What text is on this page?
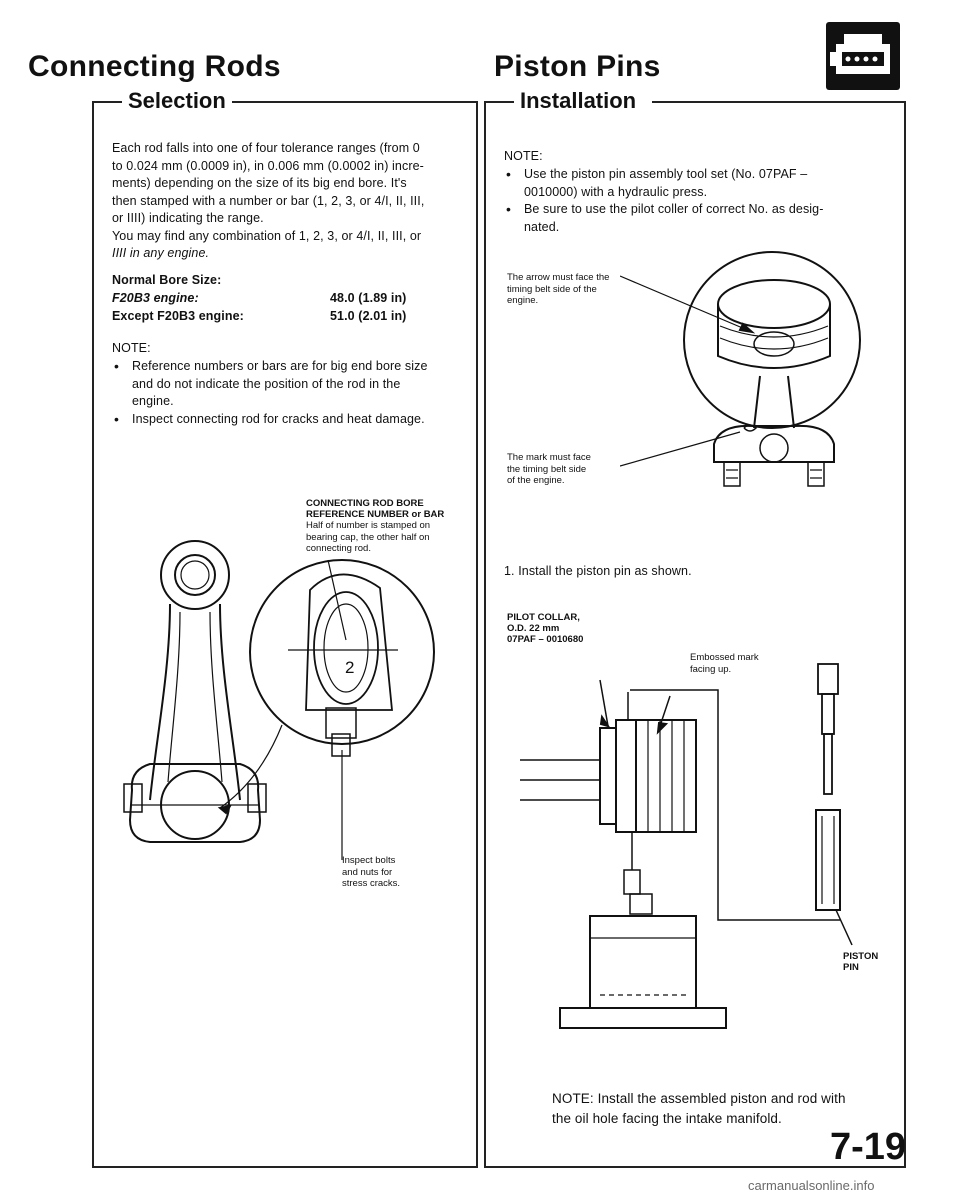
Connecting Rods
Selection

Each rod falls into one of four tolerance ranges (from 0

to 0.024 mm (0.0009 in), in 0.006 mm (0.0002 in) incre-

ments) depending on the size of its big end bore. It's

then stamped with a number or bar (1, 2, 3, or 4/I, II, III,

or IIII) indicating the range.

You may find any combination of 1, 2, 3, or 4/I, II, III, or

IIII in any engine.

Normal Bore Size:
F20B3 engine:	48.0 (1.89 in)
Except F20B3 engine:	51.0 (2.01 in)
NOTE:

• Reference numbers or bars are for big end bore size

and do not indicate the position of the rod in the

engine.

• Inspect connecting rod for cracks and heat damage.

CONNECTING ROD BORE
REFERENCE NUMBER or BAR
Half of number is stamped on
bearing cap, the other half on
connecting rod.
2
Inspect bolts
and nuts for
stress cracks.
Piston Pins
Installation
NOTE:

• Use the piston pin assembly tool set (No. 07PAF –

0010000) with a hydraulic press.

• Be sure to use the pilot coller of correct No. as desig-

nated.

The arrow must face the
timing belt side of the
engine.
The mark must face
the timing belt side
of the engine.
1. Install the piston pin as shown.
PILOT COLLAR,
O.D. 22 mm
07PAF – 0010680
Embossed mark
facing up.
PISTON
PIN

NOTE: Install the assembled piston and rod with

the oil hole facing the intake manifold.

7-19
carmanualsonline.info
